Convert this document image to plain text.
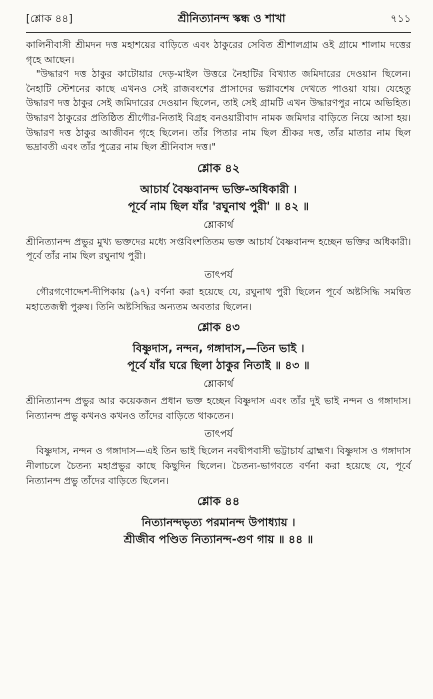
[শ্লোক ৪৪]	শ্রীনিত্যানন্দ স্কন্ধ ও শাখা	৭১১

কালিনীবাসী শ্রীমদন দত্ত মহাশয়ের বাড়িতে এবং ঠাকুরের সেবিত শ্রীশালগ্রাম ওই গ্রামে শালাম দত্তের গৃহে আছেন।

"উদ্ধারণ দত্ত ঠাকুর কাটোয়ার দেড়-মাইল উত্তরে নৈহাটির বিখ্যাত জমিদারের দেওয়ান ছিলেন। নৈহাটি স্টেশনের কাছে এখনও সেই রাজবংশের প্রাসাদের ভগ্নাবশেষ দেখতে পাওয়া যায়। যেহেতু উদ্ধারণ দত্ত ঠাকুর সেই জমিদারের দেওয়ান ছিলেন, তাই সেই গ্রামটি এখন উদ্ধারণপুর নামে অভিহিত। উদ্ধারণ ঠাকুরের প্রতিষ্ঠিত শ্রীগৌর-নিতাই বিগ্রহ বনওয়ারীবাদ নামক জমিদার বাড়িতে নিয়ে আসা হয়। উদ্ধারণ দত্ত ঠাকুর আজীবন গৃহে ছিলেন। তাঁর পিতার নাম ছিল শ্রীকর দত্ত, তাঁর মাতার নাম ছিল ভদ্রাবতী এবং তাঁর পুত্রের নাম ছিল শ্রীনিবাস দত্ত।"

শ্লোক ৪২
আচার্য বৈষ্ণবানন্দ ভক্তি-অধিকারী ।
পূর্বে নাম ছিল যাঁর 'রঘুনাথ পুরী' ॥ ৪২ ॥
শ্লোকার্থ

শ্রীনিত্যানন্দ প্রভুর মুখ্য ভক্তদের মধ্যে সপ্তবিংশতিতম ভক্ত আচার্য বৈষ্ণবানন্দ হচ্ছেন ভক্তির অধিকারী। পূর্বে তাঁর নাম ছিল রঘুনাথ পুরী।

তাৎপর্য

গৌরগণোদ্দেশ-দীপিকায় (৯৭) বর্ণনা করা হয়েছে যে, রঘুনাথ পুরী ছিলেন পূর্বে অষ্টসিদ্ধি সমন্বিত মহাতেজস্বী পুরুষ। তিনি অষ্টসিদ্ধির অন্যতম অবতার ছিলেন।

শ্লোক ৪৩
বিষ্ণুদাস, নন্দন, গঙ্গাদাস,—তিন ভাই ।
পূর্বে যাঁর ঘরে ছিলা ঠাকুর নিতাই ॥ ৪৩ ॥
শ্লোকার্থ

শ্রীনিত্যানন্দ প্রভুর আর কয়েকজন প্রধান ভক্ত হচ্ছেন বিষ্ণুদাস এবং তাঁর দুই ভাই নন্দন ও গঙ্গাদাস। নিত্যানন্দ প্রভু কখনও কখনও তাঁদের বাড়িতে থাকতেন।

তাৎপর্য

বিষ্ণুদাস, নন্দন ও গঙ্গাদাস—এই তিন ভাই ছিলেন নবদ্বীপবাসী ভট্টাচার্য ব্রাহ্মণ। বিষ্ণুদাস ও গঙ্গাদাস নীলাচলে চৈতন্য মহাপ্রভুর কাছে কিছুদিন ছিলেন। চৈতন্য-ভাগবতে বর্ণনা করা হয়েছে যে, পূর্বে নিত্যানন্দ প্রভু তাঁদের বাড়িতে ছিলেন।

শ্লোক ৪৪
নিত্যানন্দভৃত্য পরমানন্দ উপাধ্যায় ।
শ্রীজীব পণ্ডিত নিত্যানন্দ-গুণ গায় ॥ ৪৪ ॥
